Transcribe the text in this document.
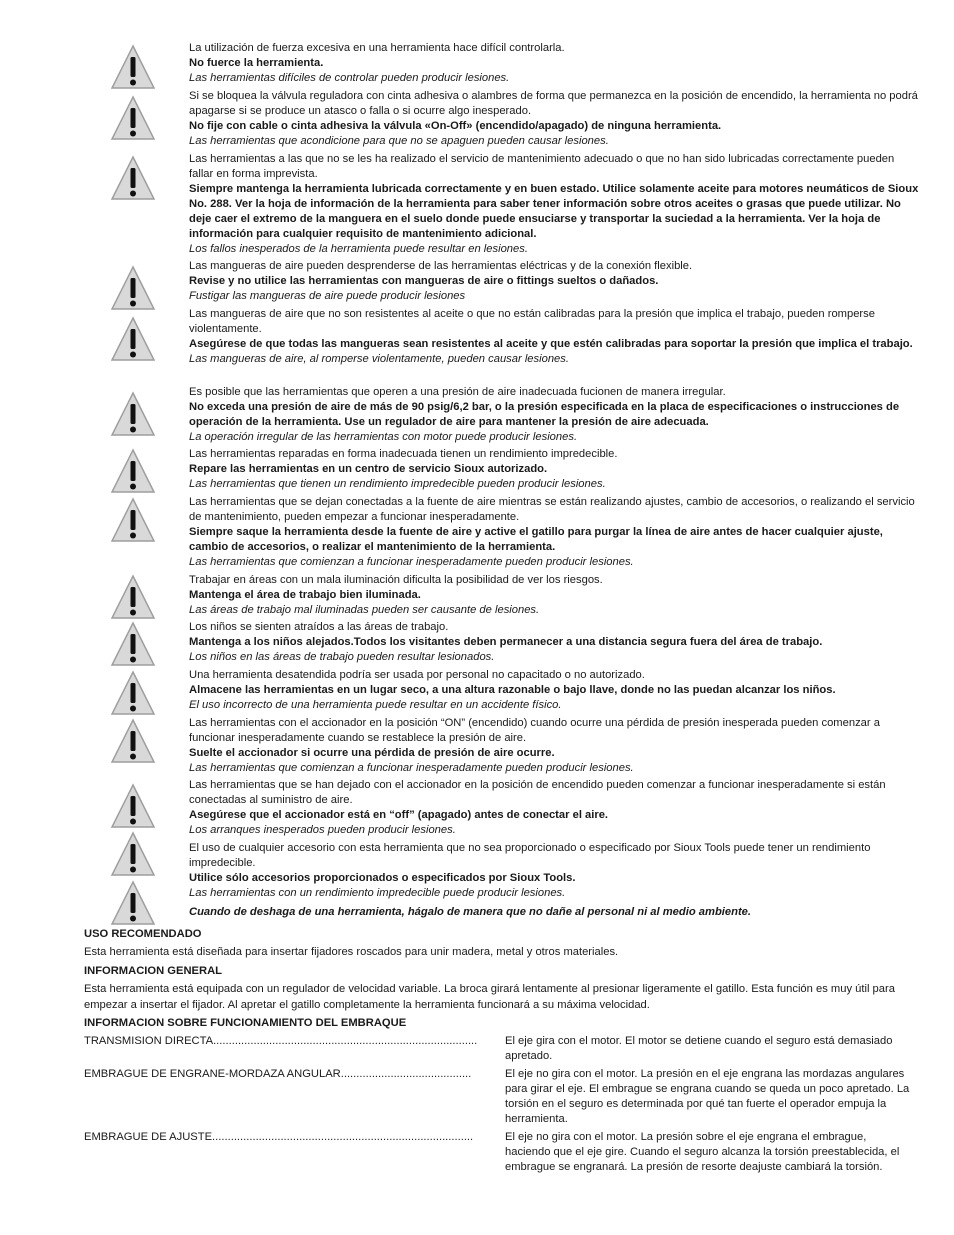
La utilización de fuerza excesiva en una herramienta hace difícil controlarla.
No fuerce la herramienta.
Las herramientas difíciles de controlar pueden producir lesiones.
Si se bloquea la válvula reguladora con cinta adhesiva o alambres de forma que permanezca en la posición de encendido, la herramienta no podrá apagarse si se produce un atasco o falla o si ocurre algo inesperado.
No fije con cable o cinta adhesiva la válvula «On-Off» (encendido/apagado) de ninguna herramienta.
Las herramientas que acondicione para que no se apaguen pueden causar lesiones.
Las herramientas a las que no se les ha realizado el servicio de mantenimiento adecuado o que no han sido lubricadas correctamente pueden fallar en forma imprevista.
Siempre mantenga la herramienta lubricada correctamente y en buen estado. Utilice solamente aceite para motores neumáticos de Sioux No. 288. Ver la hoja de información de la herramienta para saber tener información sobre otros aceites o grasas que puede utilizar. No deje caer el extremo de la manguera en el suelo donde puede ensuciarse y transportar la suciedad a la herramienta. Ver la hoja de información para cualquier requisito de mantenimiento adicional.
Los fallos inesperados de la herramienta puede resultar en lesiones.
Las mangueras de aire pueden desprenderse de las herramientas eléctricas y de la conexión flexible.
Revise y no utilice las herramientas con mangueras de aire o fittings sueltos o dañados.
Fustigar las mangueras de aire puede producir lesiones
Las mangueras de aire que no son resistentes al aceite o que no están calibradas para la presión que implica el trabajo, pueden romperse violentamente.
Asegúrese de que todas las mangueras sean resistentes al aceite y que estén calibradas para soportar la presión que implica el trabajo.
Las mangueras de aire, al romperse violentamente, pueden causar lesiones.
Es posible que las herramientas que operen a una presión de aire inadecuada fucionen de manera irregular.
No exceda una presión de aire de más de 90 psig/6,2 bar, o la presión especificada en la placa de especificaciones o instrucciones de operación de la herramienta. Use un regulador de aire para mantener la presión de aire adecuada.
La operación irregular de las herramientas con motor puede producir lesiones.
Las herramientas reparadas en forma inadecuada tienen un rendimiento impredecible.
Repare las herramientas en un centro de servicio Sioux autorizado.
Las herramientas que tienen un rendimiento impredecible pueden producir lesiones.
Las herramientas que se dejan conectadas a la fuente de aire mientras se están realizando ajustes, cambio de accesorios, o realizando el servicio de mantenimiento, pueden empezar a funcionar inesperadamente.
Siempre saque la herramienta desde la fuente de aire y active el gatillo para purgar la línea de aire antes de hacer cualquier ajuste, cambio de accesorios, o realizar el mantenimiento de la herramienta.
Las herramientas que comienzan a funcionar inesperadamente pueden producir lesiones.
Trabajar en áreas con un mala iluminación dificulta la posibilidad de ver los riesgos.
Mantenga el área de trabajo bien iluminada.
Las áreas de trabajo mal iluminadas pueden ser causante de lesiones.
Los niños se sienten atraídos a las áreas de trabajo.
Mantenga a los niños alejados.Todos los visitantes deben permanecer a una distancia segura fuera del área de trabajo.
Los niños en las áreas de trabajo pueden resultar lesionados.
Una herramienta desatendida podría ser usada por personal no capacitado o no autorizado.
Almacene las herramientas en un lugar seco, a una altura razonable o bajo llave, donde no las puedan alcanzar los niños.
El uso incorrecto de una herramienta puede resultar en un accidente físico.
Las herramientas con el accionador en la posición “ON” (encendido) cuando ocurre una pérdida de presión inesperada pueden comenzar a funcionar inesperadamente cuando se restablece la presión de aire.
Suelte el accionador si ocurre una pérdida de presión de aire ocurre.
Las herramientas que comienzan a funcionar inesperadamente pueden producir lesiones.
Las herramientas que se han dejado con el accionador en la posición de encendido pueden comenzar a funcionar inesperadamente si están conectadas al suministro de aire.
Asegúrese que el accionador está en “off” (apagado) antes de conectar el aire.
Los arranques inesperados pueden producir lesiones.
El uso de cualquier accesorio con esta herramienta que no sea proporcionado o especificado por Sioux Tools puede tener un rendimiento impredecible.
Utilice sólo accesorios proporcionados o especificados por Sioux Tools.
Las herramientas con un rendimiento impredecible puede producir lesiones.
Cuando de deshaga de una herramienta, hágalo de manera que no dañe al personal ni al medio ambiente.
USO RECOMENDADO
Esta herramienta está diseñada para insertar fijadores roscados para unir madera, metal y otros materiales.
INFORMACION GENERAL
Esta herramienta está equipada con un regulador de velocidad variable. La broca girará lentamente al presionar ligeramente el gatillo. Esta función es muy útil para empezar a insertar el fijador. Al apretar el gatillo completamente la herramienta funcionará a su máxima velocidad.
INFORMACION SOBRE FUNCIONAMIENTO DEL EMBRAQUE
TRANSMISION DIRECTA.....................................................................................	El eje gira con el motor. El motor se detiene cuando el seguro está demasiado apretado.
EMBRAGUE DE ENGRANE-MORDAZA ANGULAR..........................................	El eje no gira con el motor. La presión en el eje engrana las mordazas angulares para girar el eje. El embrague se engrana cuando se queda un poco apretado. La torsión en el seguro es determinada por qué tan fuerte el operador empuja la herramienta.
EMBRAGUE DE AJUSTE....................................................................................	El eje no gira con el motor. La presión sobre el eje engrana el embrague, haciendo que el eje gire. Cuando el seguro alcanza la torsión preestablecida, el embrague se engranará. La presión de resorte deajuste cambiará la torsión.
